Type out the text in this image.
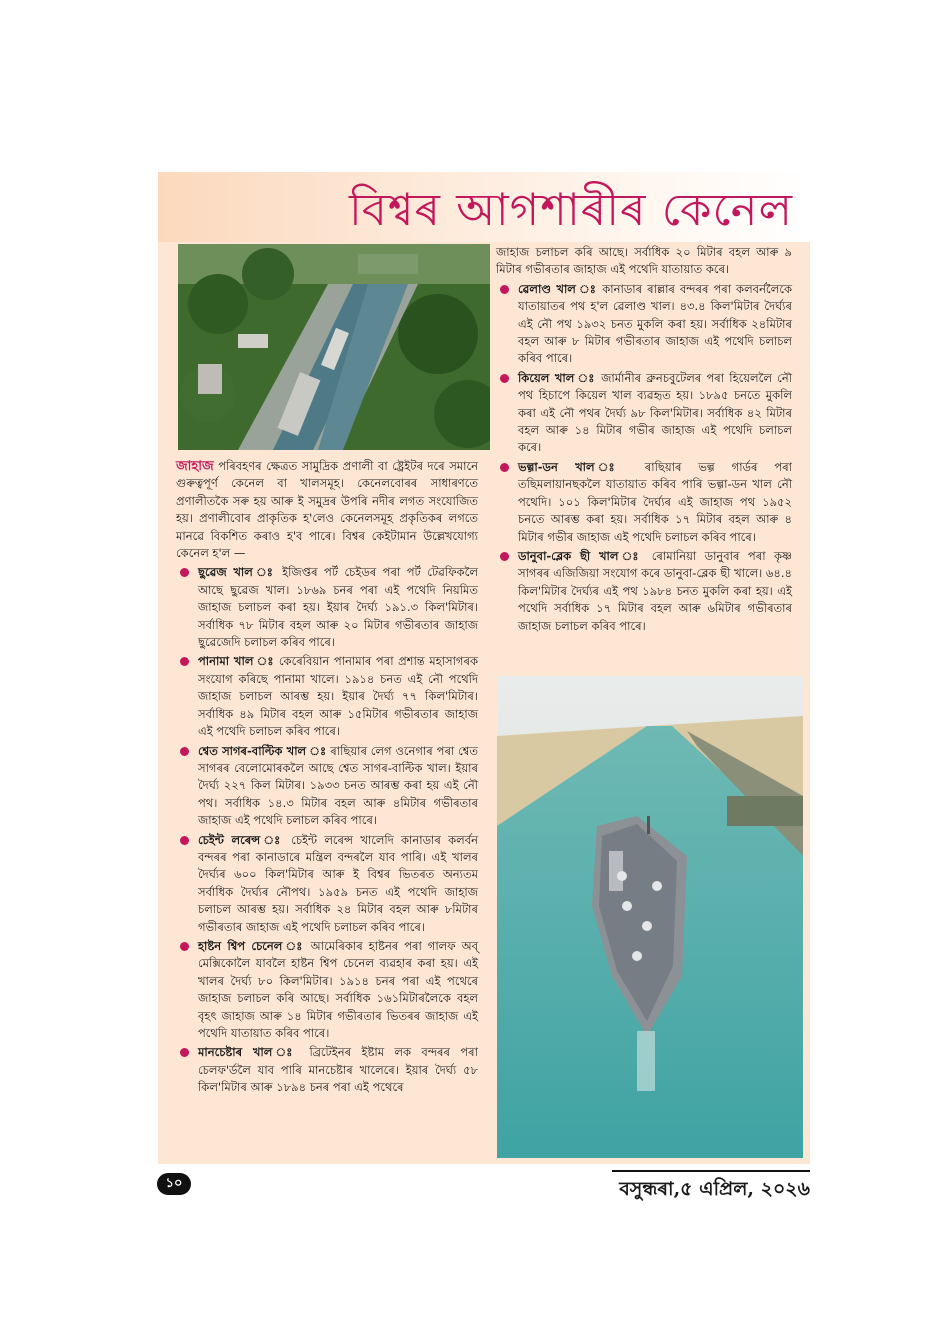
বিশ্বৰ আগশাৰীৰ কেনেল

জাহাজ পৰিবহণৰ ক্ষেত্ৰত সামুদ্ৰিক প্ৰণালী বা ষ্ট্ৰেইটৰ দৰে সমানে গুৰুত্বপূৰ্ণ কেনেল বা খালসমূহ। কেনেলবোৰৰ সাধাৰণতে প্ৰণালীতকৈ সৰু হয় আৰু ই সমুদ্ৰৰ উপৰি নদীৰ লগত সংযোজিত হয়। প্ৰণালীবোৰ প্ৰাকৃতিক হ'লেও কেনেলসমূহ প্ৰকৃতিকৰ লগতে মানৱে বিকশিত কৰাও হ'ব পাৰে। বিশ্বৰ কেইটামান উল্লেখযোগ্য কেনেল হ'ল —

ছুৱেজ খাল ঃ ইজিপ্তৰ পৰ্ট চেইডৰ পৰা পৰ্ট টেৱফিকলৈ আছে ছুৱেজ খাল। ১৮৬৯ চনৰ পৰা এই পথেদি নিয়মিত জাহাজ চলাচল কৰা হয়। ইয়াৰ দৈৰ্ঘ্য ১৯১.৩ কিল'মিটাৰ। সৰ্বাধিক ৭৮ মিটাৰ বহল আৰু ২০ মিটাৰ গভীৰতাৰ জাহাজ ছুৱেজেদি চলাচল কৰিব পাৰে।
পানামা খাল ঃ কেৰেবিয়ান পানামাৰ পৰা প্ৰশান্ত মহাসাগৰক সংযোগ কৰিছে পানামা খালে। ১৯১৪ চনত এই নৌ পথেদি জাহাজ চলাচল আৰম্ভ হয়। ইয়াৰ দৈৰ্ঘ্য ৭৭ কিল'মিটাৰ। সৰ্বাধিক ৪৯ মিটাৰ বহল আৰু ১৫মিটাৰ গভীৰতাৰ জাহাজ এই পথেদি চলাচল কৰিব পাৰে।
শ্বেত সাগৰ-বাল্টিক খাল ঃ ৰাছিয়াৰ লেগ ওনেগাৰ পৰা শ্বেত সাগৰৰ বেলোমোৰকলৈ আছে শ্বেত সাগৰ-বাল্টিক খাল। ইয়াৰ দৈৰ্ঘ্য ২২৭ কিল মিটাৰ। ১৯৩৩ চনত আৰম্ভ কৰা হয় এই নৌ পথ। সৰ্বাধিক ১৪.৩ মিটাৰ বহল আৰু ৪মিটাৰ গভীৰতাৰ জাহাজ এই পথেদি চলাচল কৰিব পাৰে।
চেইন্ট লৰেন্স ঃ চেইন্ট লৰেন্স খালেদি কানাডাৰ কলৰ্বন বন্দৰৰ পৰা কানাডাৰে মন্ত্ৰিল বন্দৰলৈ যাব পাৰি। এই খালৰ দৈৰ্ঘ্যৰ ৬০০ কিল'মিটাৰ আৰু ই বিশ্বৰ ভিতৰত অন্যতম সৰ্বাধিক দৈৰ্ঘ্যৰ নৌপথ। ১৯৫৯ চনত এই পথেদি জাহাজ চলাচল আৰম্ভ হয়। সৰ্বাধিক ২৪ মিটাৰ বহল আৰু ৮মিটাৰ গভীৰতাৰ জাহাজ এই পথেদি চলাচল কৰিব পাৰে।
হাষ্টন শ্বিপ চেনেল ঃ আমেৰিকাৰ হাষ্টনৰ পৰা গালফ অব্ মেক্সিকোলৈ যাবলৈ হাষ্টন শ্বিপ চেনেল ব্যৱহাৰ কৰা হয়। এই খালৰ দৈৰ্ঘ্য ৮০ কিল'মিটাৰ। ১৯১৪ চনৰ পৰা এই পথেৰে জাহাজ চলাচল কৰি আছে। সৰ্বাধিক ১৬১মিটাৰলৈকে বহল বৃহৎ জাহাজ আৰু ১৪ মিটাৰ গভীৰতাৰ ভিতৰৰ জাহাজ এই পথেদি যাতায়াত কৰিব পাৰে।
মানচেষ্টাৰ খাল ঃ ব্ৰিটেইনৰ ইষ্টাম লক বন্দৰৰ পৰা চেলফ'ৰ্ডলৈ যাব পাৰি মানচেষ্টাৰ খালেৰে। ইয়াৰ দৈৰ্ঘ্য ৫৮ কিল'মিটাৰ আৰু ১৮৯৪ চনৰ পৰা এই পথেৰে

জাহাজ চলাচল কৰি আছে। সৰ্বাধিক ২০ মিটাৰ বহল আৰু ৯ মিটাৰ গভীৰতাৰ জাহাজ এই পথেদি যাতায়াত কৰে।

ৱেলাণ্ড খাল ঃ কানাডাৰ ৰাল্লাৰ বন্দৰৰ পৰা কলবৰ্নলৈকে যাতায়াতৰ পথ হ'ল ৱেলাণ্ড খাল। ৪৩.৪ কিল'মিটাৰ দৈৰ্ঘ্যৰ এই নৌ পথ ১৯৩২ চনত মুকলি কৰা হয়। সৰ্বাধিক ২৪মিটাৰ বহল আৰু ৮ মিটাৰ গভীৰতাৰ জাহাজ এই পথেদি চলাচল কৰিব পাৰে।
কিয়েল খাল ঃ জাৰ্মানীৰ ব্ৰুনচবুটেলৰ পৰা হিয়েললৈ নৌ পথ হিচাপে কিয়েল খাল ব্যৱহৃত হয়। ১৮৯৫ চনতে মুকলি কৰা এই নৌ পথৰ দৈৰ্ঘ্য ৯৮ কিল'মিটাৰ। সৰ্বাধিক ৪২ মিটাৰ বহল আৰু ১৪ মিটাৰ গভীৰ জাহাজ এই পথেদি চলাচল কৰে।
ভল্গা-ডন খাল ঃ ৰাছিয়াৰ ভল্গ গাৰ্ডৰ পৰা তছিমলায়ানছকলৈ যাতায়াত কৰিব পাৰি ভল্গা-ডন খাল নৌ পথেদি। ১০১ কিল'মিটাৰ দৈৰ্ঘ্যৰ এই জাহাজ পথ ১৯৫২ চনতে আৰম্ভ কৰা হয়। সৰ্বাধিক ১৭ মিটাৰ বহল আৰু ৪ মিটাৰ গভীৰ জাহাজ এই পথেদি চলাচল কৰিব পাৰে।
ডানুবা-ব্লেক ছী খাল ঃ ৰোমানিয়া ডানুবাৰ পৰা কৃষ্ণ সাগৰৰ এজিজিয়া সংযোগ কৰে ডানুবা-ব্লেক ছী খালে। ৬৪.৪ কিল'মিটাৰ দৈৰ্ঘ্যৰ এই পথ ১৯৮৪ চনত মুকলি কৰা হয়। এই পথেদি সৰ্বাধিক ১৭ মিটাৰ বহল আৰু ৬মিটাৰ গভীৰতাৰ জাহাজ চলাচল কৰিব পাৰে।
১০	বসুন্ধৰা,৫ এপ্ৰিল, ২০২৬
